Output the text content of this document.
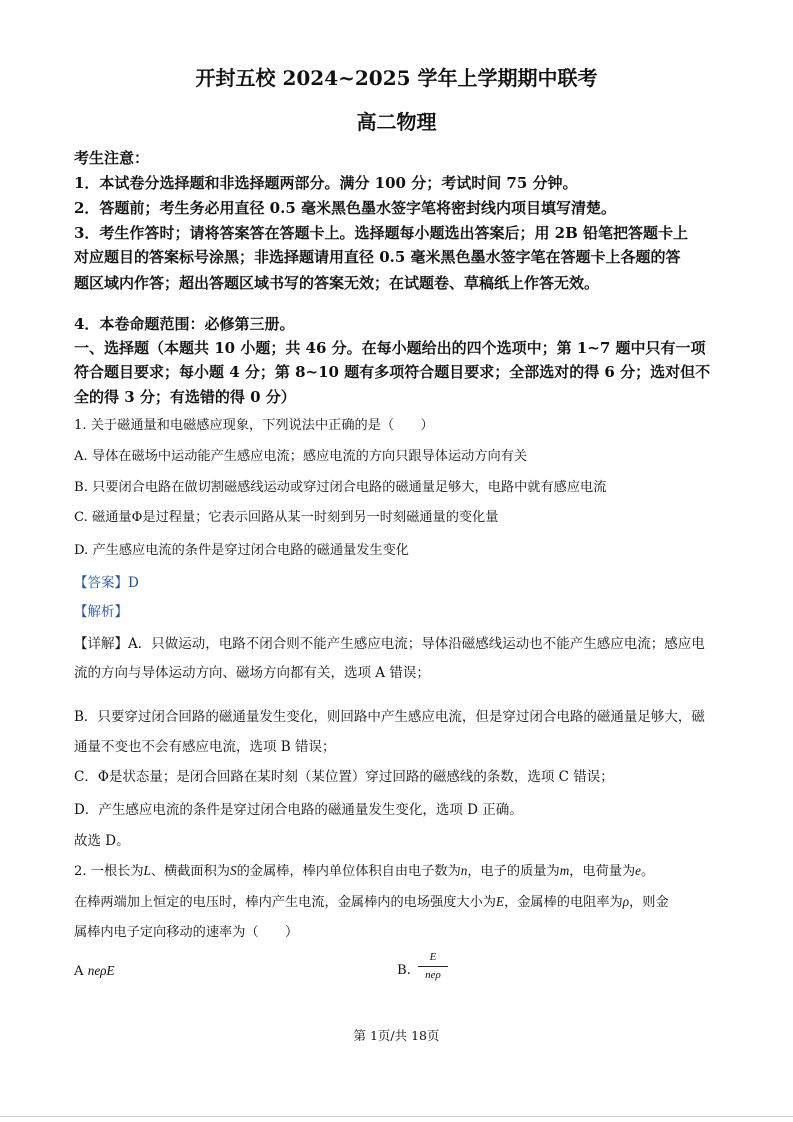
开封五校 2024~2025 学年上学期期中联考
高二物理
考生注意：
1．本试卷分选择题和非选择题两部分。满分 100 分；考试时间 75 分钟。
2．答题前；考生务必用直径 0.5 毫米黑色墨水签字笔将密封线内项目填写清楚。
3．考生作答时；请将答案答在答题卡上。选择题每小题选出答案后；用 2B 铅笔把答题卡上
对应题目的答案标号涂黑；非选择题请用直径 0.5 毫米黑色墨水签字笔在答题卡上各题的答
题区域内作答；超出答题区域书写的答案无效；在试题卷、草稿纸上作答无效。
4．本卷命题范围：必修第三册。
一、选择题（本题共 10 小题；共 46 分。在每小题给出的四个选项中；第 1~7 题中只有一项
符合题目要求；每小题 4 分；第 8~10 题有多项符合题目要求；全部选对的得 6 分；选对但不
全的得 3 分；有选错的得 0 分）
1. 关于磁通量和电磁感应现象，下列说法中正确的是（　　）
A. 导体在磁场中运动能产生感应电流；感应电流的方向只跟导体运动方向有关
B. 只要闭合电路在做切割磁感线运动或穿过闭合电路的磁通量足够大，电路中就有感应电流
C. 磁通量Φ是过程量；它表示回路从某一时刻到另一时刻磁通量的变化量
D. 产生感应电流的条件是穿过闭合电路的磁通量发生变化
【答案】D
【解析】
【详解】A．只做运动，电路不闭合则不能产生感应电流；导体沿磁感线运动也不能产生感应电流；感应电
流的方向与导体运动方向、磁场方向都有关，选项 A 错误；
B．只要穿过闭合回路的磁通量发生变化，则回路中产生感应电流，但是穿过闭合电路的磁通量足够大，磁
通量不变也不会有感应电流，选项 B 错误；
C．Φ是状态量；是闭合回路在某时刻（某位置）穿过回路的磁感线的条数，选项 C 错误；
D．产生感应电流的条件是穿过闭合电路的磁通量发生变化，选项 D 正确。
故选 D。
2. 一根长为L、横截面积为S的金属棒，棒内单位体积自由电子数为n，电子的质量为m，电荷量为e。
在棒两端加上恒定的电压时，棒内产生电流，金属棒内的电场强度大小为E，金属棒的电阻率为ρ，则金
属棒内电子定向移动的速率为（　　）
A neρE	B.
E
neρ
第 1页/共 18页
